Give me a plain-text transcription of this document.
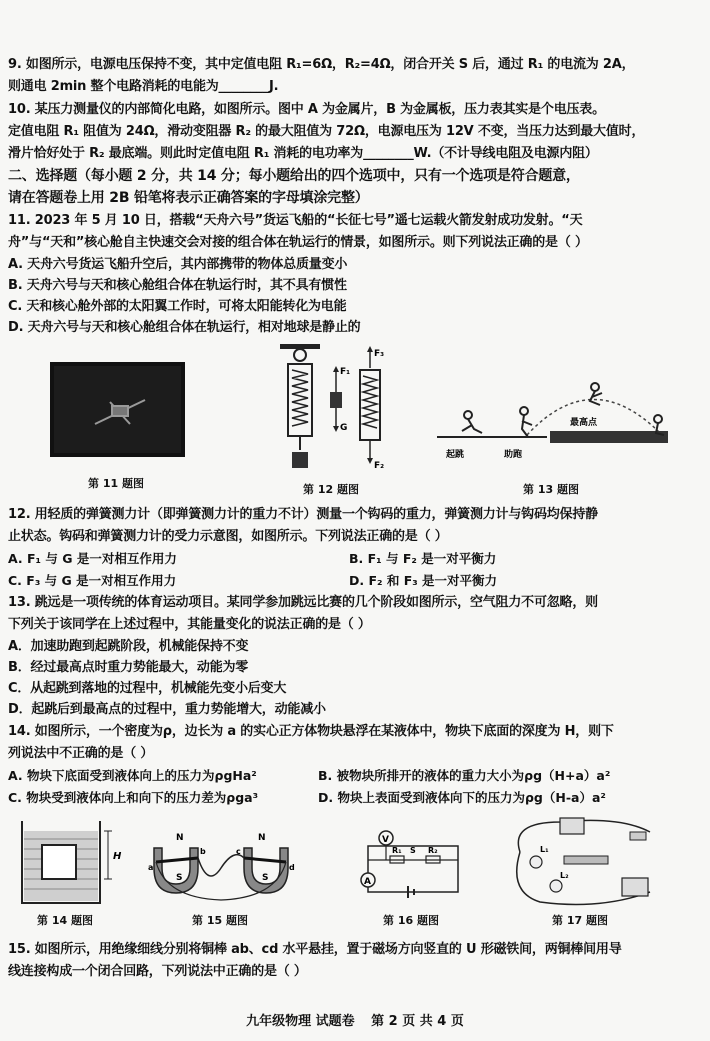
9. 如图所示，电源电压保持不变，其中定值电阻 R₁=6Ω，R₂=4Ω，闭合开关 S 后，通过 R₁ 的电流为 2A，
则通电 2min 整个电路消耗的电能为________J.
10. 某压力测量仪的内部简化电路，如图所示。图中 A 为金属片，B 为金属板，压力表其实是个电压表。
定值电阻 R₁ 阻值为 24Ω，滑动变阻器 R₂ 的最大阻值为 72Ω，电源电压为 12V 不变，当压力达到最大值时，
滑片恰好处于 R₂ 最底端。则此时定值电阻 R₁ 消耗的电功率为________W.（不计导线电阻及电源内阻）
二、选择题（每小题 2 分，共 14 分；每小题给出的四个选项中，只有一个选项是符合题意，
请在答题卷上用 2B 铅笔将表示正确答案的字母填涂完整）
11. 2023 年 5 月 10 日，搭载“天舟六号”货运飞船的“长征七号”遥七运载火箭发射成功发射。“天
舟”与“天和”核心舱自主快速交会对接的组合体在轨运行的情景，如图所示。则下列说法正确的是（ ）
A. 天舟六号货运飞船升空后，其内部携带的物体总质量变小
B. 天舟六号与天和核心舱组合体在轨运行时，其不具有惯性
C. 天和核心舱外部的太阳翼工作时，可将太阳能转化为电能
D. 天舟六号与天和核心舱组合体在轨运行，相对地球是静止的
第 11 题图
F₁
G
F₃
F₂
第 12 题图
最高点
起跳	助跑
第 13 题图
12. 用轻质的弹簧测力计（即弹簧测力计的重力不计）测量一个钩码的重力，弹簧测力计与钩码均保持静
止状态。钩码和弹簧测力计的受力示意图，如图所示。下列说法正确的是（ ）
A. F₁ 与 G 是一对相互作用力	B. F₁ 与 F₂ 是一对平衡力
C. F₃ 与 G 是一对相互作用力	D. F₂ 和 F₃ 是一对平衡力
13. 跳远是一项传统的体育运动项目。某同学参加跳远比赛的几个阶段如图所示，空气阻力不可忽略，则
下列关于该同学在上述过程中，其能量变化的说法正确的是（ ）
A．加速助跑到起跳阶段，机械能保持不变
B．经过最高点时重力势能最大，动能为零
C．从起跳到落地的过程中，机械能先变小后变大
D．起跳后到最高点的过程中，重力势能增大，动能减小
14. 如图所示，一个密度为ρ，边长为 a 的实心正方体物块悬浮在某液体中，物块下底面的深度为 H，则下
列说法中不正确的是（ ）
A. 物块下底面受到液体向上的压力为ρgHa²	B. 被物块所排开的液体的重力大小为ρg（H+a）a²
C. 物块受到液体向上和向下的压力差为ρga³	D. 物块上表面受到液体向下的压力为ρg（H-a）a²
H
第 14 题图
N	N
S	S
a
b	c
d
第 15 题图
V
R₁ S R₂
A
第 16 题图
L₁
L₂
第 17 题图
15. 如图所示，用绝缘细线分别将铜棒 ab、cd 水平悬挂，置于磁场方向竖直的 U 形磁铁间，两铜棒间用导
线连接构成一个闭合回路，下列说法中正确的是（ ）
九年级物理 试题卷 第 2 页 共 4 页
